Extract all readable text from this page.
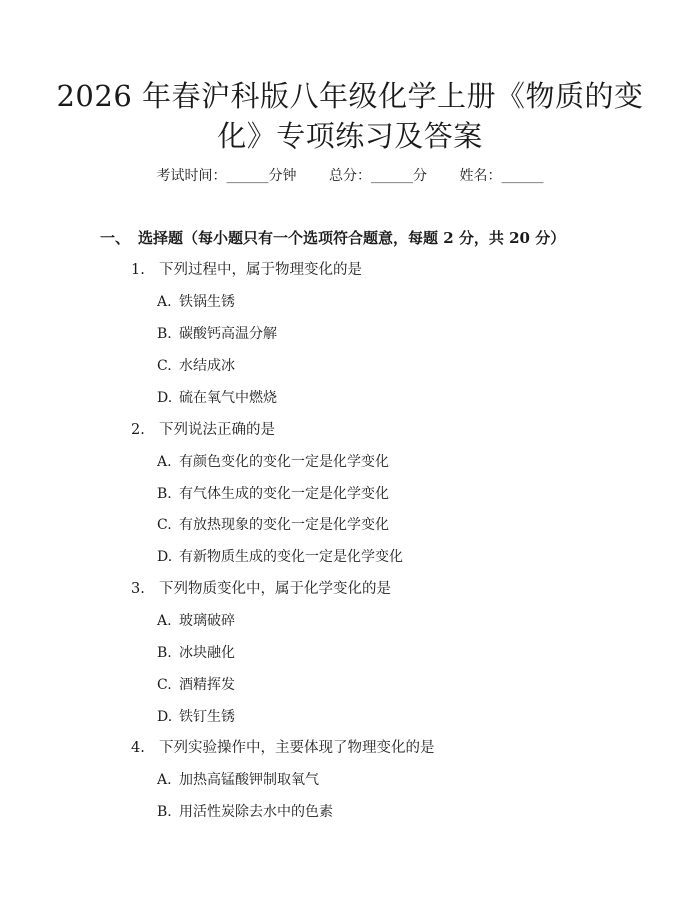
2026 年春沪科版八年级化学上册《物质的变
化》专项练习及答案
考试时间：______分钟 总分：______分 姓名：______
一、 选择题（每小题只有一个选项符合题意，每题 2 分，共 20 分）
1. 下列过程中，属于物理变化的是
A. 铁锅生锈
B. 碳酸钙高温分解
C. 水结成冰
D. 硫在氧气中燃烧
2. 下列说法正确的是
A. 有颜色变化的变化一定是化学变化
B. 有气体生成的变化一定是化学变化
C. 有放热现象的变化一定是化学变化
D. 有新物质生成的变化一定是化学变化
3. 下列物质变化中，属于化学变化的是
A. 玻璃破碎
B. 冰块融化
C. 酒精挥发
D. 铁钉生锈
4. 下列实验操作中，主要体现了物理变化的是
A. 加热高锰酸钾制取氧气
B. 用活性炭除去水中的色素
